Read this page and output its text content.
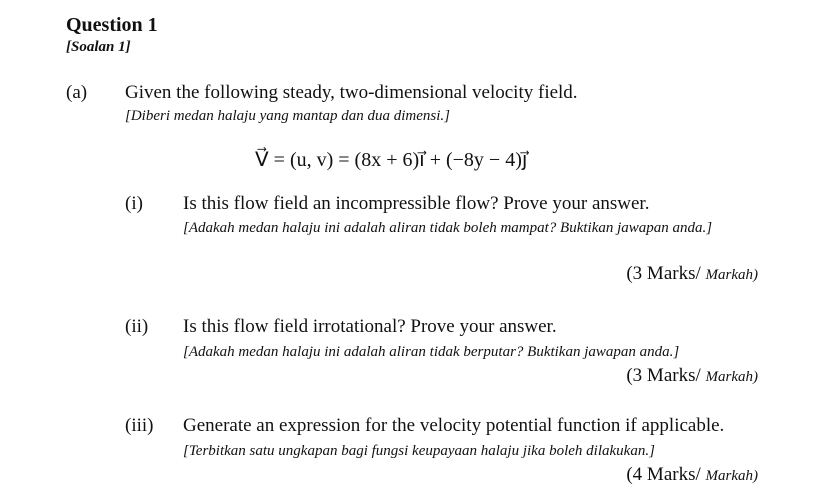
Question 1
[Soalan 1]
(a) Given the following steady, two-dimensional velocity field.
[Diberi medan halaju yang mantap dan dua dimensi.]
V⃗ = (u, v) = (8x + 6)ı⃗ + (−8y − 4)ȷ⃗
(i) Is this flow field an incompressible flow? Prove your answer.
[Adakah medan halaju ini adalah aliran tidak boleh mampat? Buktikan jawapan anda.]
(3 Marks/ Markah)
(ii) Is this flow field irrotational? Prove your answer.
[Adakah medan halaju ini adalah aliran tidak berputar? Buktikan jawapan anda.]
(3 Marks/ Markah)
(iii) Generate an expression for the velocity potential function if applicable.
[Terbitkan satu ungkapan bagi fungsi keupayaan halaju jika boleh dilakukan.]
(4 Marks/ Markah)
